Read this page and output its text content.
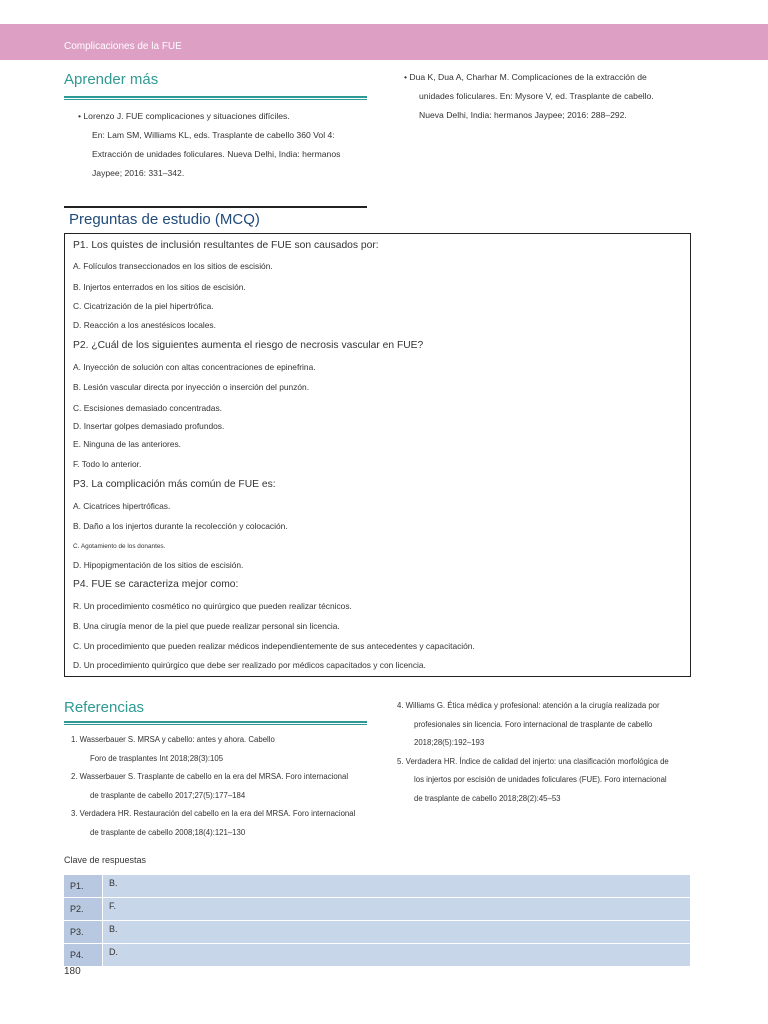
Complicaciones de la FUE
Aprender más
• Lorenzo J. FUE complicaciones y situaciones difíciles.
En: Lam SM, Williams KL, eds. Trasplante de cabello 360 Vol 4:
Extracción de unidades foliculares. Nueva Delhi, India: hermanos
Jaypee; 2016: 331–342.
• Dua K, Dua A, Charhar M. Complicaciones de la extracción de
unidades foliculares. En: Mysore V, ed. Trasplante de cabello.
Nueva Delhi, India: hermanos Jaypee; 2016: 288–292.
Preguntas de estudio (MCQ)
P1. Los quistes de inclusión resultantes de FUE son causados por:
A. Folículos transeccionados en los sitios de escisión.
B. Injertos enterrados en los sitios de escisión.
C. Cicatrización de la piel hipertrófica.
D. Reacción a los anestésicos locales.
P2. ¿Cuál de los siguientes aumenta el riesgo de necrosis vascular en FUE?
A. Inyección de solución con altas concentraciones de epinefrina.
B. Lesión vascular directa por inyección o inserción del punzón.
C. Escisiones demasiado concentradas.
D. Insertar golpes demasiado profundos.
E. Ninguna de las anteriores.
F. Todo lo anterior.
P3. La complicación más común de FUE es:
A. Cicatrices hipertróficas.
B. Daño a los injertos durante la recolección y colocación.
C. Agotamiento de los donantes.
D. Hipopigmentación de los sitios de escisión.
P4. FUE se caracteriza mejor como:
R. Un procedimiento cosmético no quirúrgico que pueden realizar técnicos.
B. Una cirugía menor de la piel que puede realizar personal sin licencia.
C. Un procedimiento que pueden realizar médicos independientemente de sus antecedentes y capacitación.
D. Un procedimiento quirúrgico que debe ser realizado por médicos capacitados y con licencia.
Referencias
1. Wasserbauer S. MRSA y cabello: antes y ahora. Cabello
Foro de trasplantes Int 2018;28(3):105
2. Wasserbauer S. Trasplante de cabello en la era del MRSA. Foro internacional
de trasplante de cabello 2017;27(5):177–184
3. Verdadera HR. Restauración del cabello en la era del MRSA. Foro internacional
de trasplante de cabello 2008;18(4):121–130
4. Williams G. Ética médica y profesional: atención a la cirugía realizada por
profesionales sin licencia. Foro internacional de trasplante de cabello
2018;28(5):192–193
5. Verdadera HR. Índice de calidad del injerto: una clasificación morfológica de
los injertos por escisión de unidades foliculares (FUE). Foro internacional
de trasplante de cabello 2018;28(2):45–53
Clave de respuestas
P1.	B.
P2.	F.
P3.	B.
P4.	D.
180
